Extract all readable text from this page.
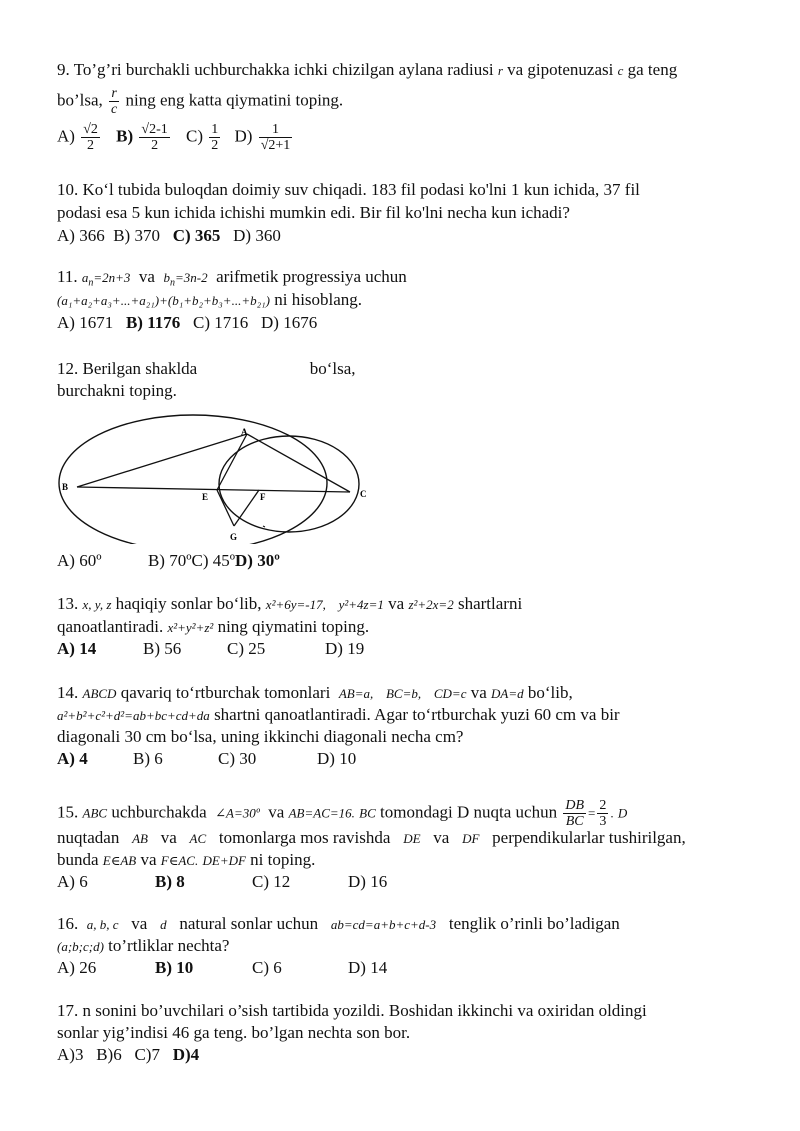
9. To’g’ri burchakli uchburchakka ichki chizilgan aylana radiusi r va gipotenuzasi c ga teng
bo’lsa, $\frac{r}{c}$ ning eng katta qiymatini toping.
$A) \frac{√2}{2} B) \frac{√2-1}{2} C) \frac{1}{2} D) \frac{1}{√2+1}$
10. Ko‘l tubida buloqdan doimiy suv chiqadi. 183 fil podasi ko'lni 1 kun ichida, 37 fil
podasi esa 5 kun ichida ichishi mumkin edi. Bir fil ko'lni necha kun ichadi?
A) 366 B) 370 C) 365 D) 360
11. $a_n=2n+3$ va $b_n=3n-2$ arifmetik progressiya uchun
(a₁+a₂+a₃+...+a₂₁)+(b₁+b₂+b₃+...+b₂₁) ni hisoblang.
A) 1671 B) 1176 C) 1716 D) 1676
12. Berilgan shaklda	bo‘lsa,
burchakni toping.
A
B
C
E	F
G
A) 60º	B) 70ºC) 45ºD) 30º
13. x, y, z haqiqiy sonlar bo‘lib, x²+6y=-17, y²+4z=1 va z²+2x=2 shartlarni
qanoatlantiradi. x²+y²+z² ning qiymatini toping.
A) 14	B) 56	C) 25	D) 19
14. ABCD qavariq to‘rtburchak tomonlari AB=a, BC=b, CD=c va DA=d bo‘lib,
a²+b²+c²+d²=ab+bc+cd+da shartni qanoatlantiradi. Agar to‘rtburchak yuzi 60 cm va bir
diagonali 30 cm bo‘lsa, uning ikkinchi diagonali necha cm?
A) 4	B) 6	C) 30	D) 10
15. ABC uchburchakda ∠A=30º va AB=AC=16. BC tomondagi D nuqta uchun $\frac{DB}{BC} = \frac{2}{3}$ . D
nuqtadan AB va AC tomonlarga mos ravishda DE va DF perpendikularlar tushirilgan,
bunda E∈AB va F∈AC. DE+DF ni toping.
A) 6	B) 8	C) 12	D) 16
16. a, b, c va d natural sonlar uchun ab=cd=a+b+c+d-3 tenglik o’rinli bo’ladigan
(a;b;c;d) to’rtliklar nechta?
A) 26	B) 10	C) 6	D) 14
17. n sonini bo’uvchilari o’sish tartibida yozildi. Boshidan ikkinchi va oxiridan oldingi
sonlar yig’indisi 46 ga teng. bo’lgan nechta son bor.
A)3 B)6 C)7 D)4
